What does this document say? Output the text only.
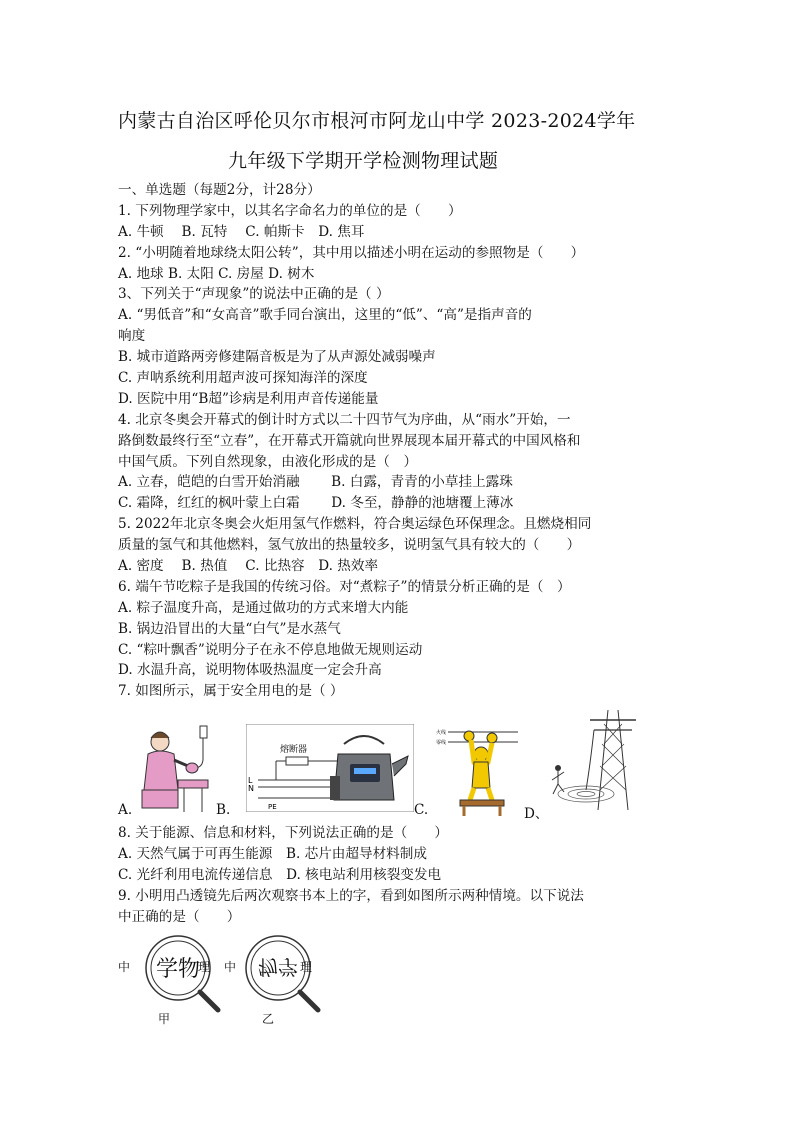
内蒙古自治区呼伦贝尔市根河市阿龙山中学 2023-2024学年
九年级下学期开学检测物理试题
一、单选题（每题2分，计28分）
1. 下列物理学家中，以其名字命名力的单位的是（　　）
A. 牛顿　 B. 瓦特　 C. 帕斯卡　D. 焦耳
2. “小明随着地球绕太阳公转”，其中用以描述小明在运动的参照物是（　　）
A. 地球 B. 太阳 C. 房屋 D. 树木
3、下列关于“声现象”的说法中正确的是（ ）
A. “男低音”和“女高音”歌手同台演出，这里的“低”、“高”是指声音的
响度
B. 城市道路两旁修建隔音板是为了从声源处减弱噪声
C. 声呐系统利用超声波可探知海洋的深度
D. 医院中用“B超”诊病是利用声音传递能量
4. 北京冬奥会开幕式的倒计时方式以二十四节气为序曲，从“雨水”开始，一
路倒数最终行至“立春”，在开幕式开篇就向世界展现本届开幕式的中国风格和
中国气质。下列自然现象，由液化形成的是（　）
A. 立春，皑皑的白雪开始消融　　 B. 白露，青青的小草挂上露珠
C. 霜降，红红的枫叶蒙上白霜　　 D. 冬至，静静的池塘覆上薄冰
5. 2022年北京冬奥会火炬用氢气作燃料，符合奥运绿色环保理念。且燃烧相同
质量的氢气和其他燃料，氢气放出的热量较多，说明氢气具有较大的（　　）
A. 密度　 B. 热值　 C. 比热容　D. 热效率
6. 端午节吃粽子是我国的传统习俗。对“煮粽子”的情景分析正确的是（　）
A. 粽子温度升高，是通过做功的方式来增大内能
B. 锅边沿冒出的大量“白气”是水蒸气
C. “粽叶飘香”说明分子在永不停息地做无规则运动
D. 水温升高，说明物体吸热温度一定会升高
7. 如图所示，属于安全用电的是（ ）
A.
熔断器
L
N
PE
B.
火线
零线
C.	D、
8. 关于能源、信息和材料，下列说法正确的是（　　）
A. 天然气属于可再生能源　B. 芯片由超导材料制成
C. 光纤利用电流传递信息　D. 核电站利用核裂变发电
9. 小明用凸透镜先后两次观察书本上的字，看到如图所示两种情境。以下说法
中正确的是（　　）
中 学物
理 中 物学 理
甲	乙
